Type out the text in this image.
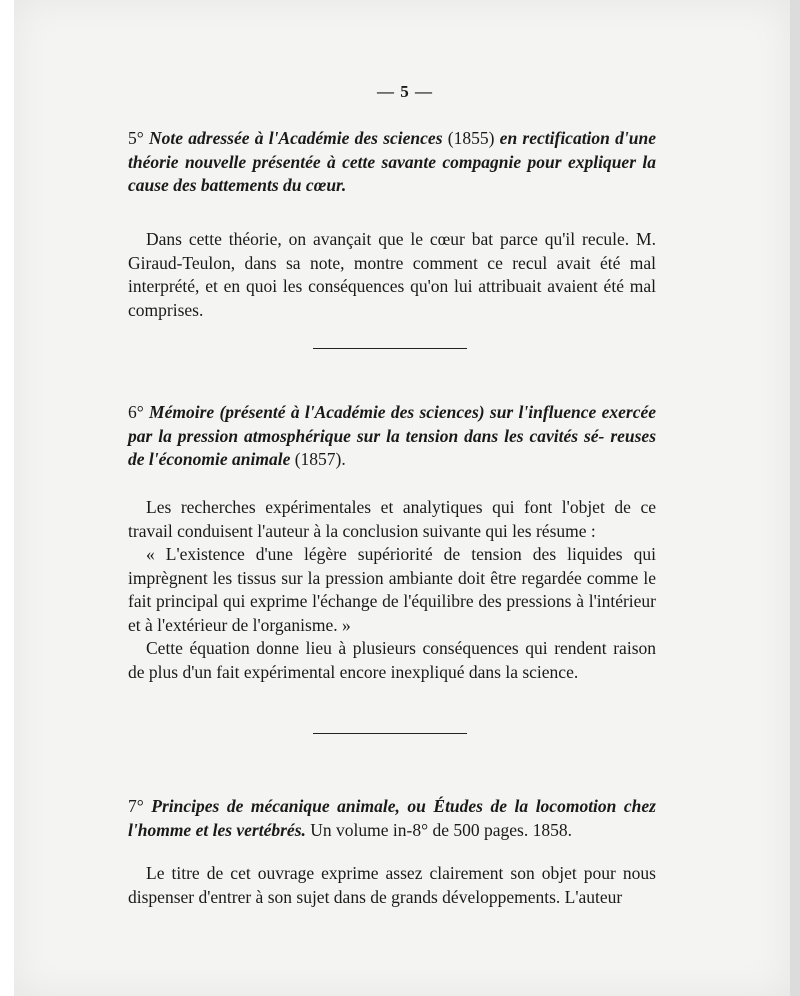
— 5 —

5° Note adressée à l'Académie des sciences (1855) en rectification d'une théorie nouvelle présentée à cette savante compagnie pour expliquer la cause des battements du cœur.

Dans cette théorie, on avançait que le cœur bat parce qu'il recule. M. Giraud-Teulon, dans sa note, montre comment ce recul avait été mal interprété, et en quoi les conséquences qu'on lui attribuait avaient été mal comprises.

6° Mémoire (présenté à l'Académie des sciences) sur l'influence exercée par la pression atmosphérique sur la tension dans les cavités sé- reuses de l'économie animale (1857).

Les recherches expérimentales et analytiques qui font l'objet de ce travail conduisent l'auteur à la conclusion suivante qui les résume :

« L'existence d'une légère supériorité de tension des liquides qui imprègnent les tissus sur la pression ambiante doit être regardée comme le fait principal qui exprime l'échange de l'équilibre des pressions à l'intérieur et à l'extérieur de l'organisme. »

Cette équation donne lieu à plusieurs conséquences qui rendent raison de plus d'un fait expérimental encore inexpliqué dans la science.

7° Principes de mécanique animale, ou Études de la locomotion chez l'homme et les vertébrés. Un volume in-8° de 500 pages. 1858.

Le titre de cet ouvrage exprime assez clairement son objet pour nous dispenser d'entrer à son sujet dans de grands développements. L'auteur
